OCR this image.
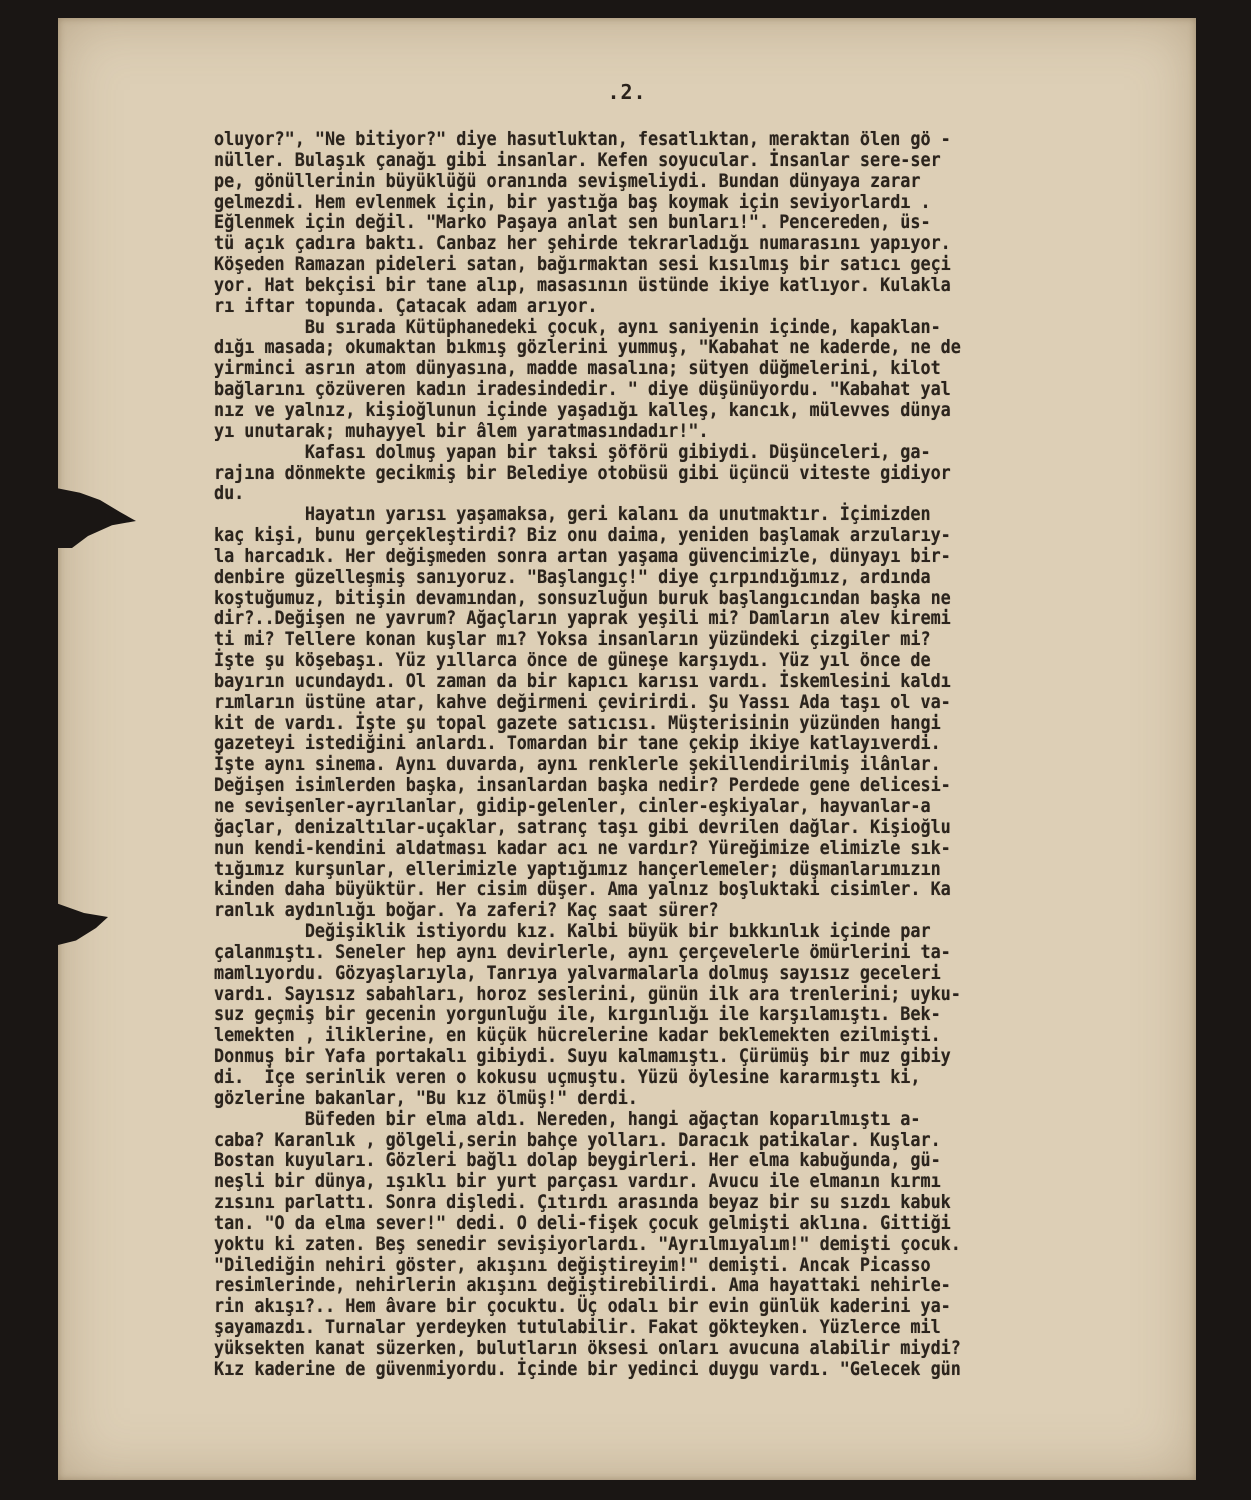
.2.
oluyor?", "Ne bitiyor?" diye hasutluktan, fesatlıktan, meraktan ölen gö -
nüller. Bulaşık çanağı gibi insanlar. Kefen soyucular. İnsanlar sere-ser
pe, gönüllerinin büyüklüğü oranında sevişmeliydi. Bundan dünyaya zarar
gelmezdi. Hem evlenmek için, bir yastığa baş koymak için seviyorlardı .
Eğlenmek için değil. "Marko Paşaya anlat sen bunları!". Pencereden, üs-
tü açık çadıra baktı. Canbaz her şehirde tekrarladığı numarasını yapıyor.
Köşeden Ramazan pideleri satan, bağırmaktan sesi kısılmış bir satıcı geçi
yor. Hat bekçisi bir tane alıp, masasının üstünde ikiye katlıyor. Kulakla
rı iftar topunda. Çatacak adam arıyor.
Bu sırada Kütüphanedeki çocuk, aynı saniyenin içinde, kapaklan-
dığı masada; okumaktan bıkmış gözlerini yummuş, "Kabahat ne kaderde, ne de
yirminci asrın atom dünyasına, madde masalına; sütyen düğmelerini, kilot
bağlarını çözüveren kadın iradesindedir. " diye düşünüyordu. "Kabahat yal
nız ve yalnız, kişioğlunun içinde yaşadığı kalleş, kancık, mülevves dünya
yı unutarak; muhayyel bir âlem yaratmasındadır!".
Kafası dolmuş yapan bir taksi şöförü gibiydi. Düşünceleri, ga-
rajına dönmekte gecikmiş bir Belediye otobüsü gibi üçüncü viteste gidiyor
du.
Hayatın yarısı yaşamaksa, geri kalanı da unutmaktır. İçimizden
kaç kişi, bunu gerçekleştirdi? Biz onu daima, yeniden başlamak arzularıy-
la harcadık. Her değişmeden sonra artan yaşama güvencimizle, dünyayı bir-
denbire güzelleşmiş sanıyoruz. "Başlangıç!" diye çırpındığımız, ardında
koştuğumuz, bitişin devamından, sonsuzluğun buruk başlangıcından başka ne
dir?..Değişen ne yavrum? Ağaçların yaprak yeşili mi? Damların alev kiremi
ti mi? Tellere konan kuşlar mı? Yoksa insanların yüzündeki çizgiler mi?
İşte şu köşebaşı. Yüz yıllarca önce de güneşe karşıydı. Yüz yıl önce de
bayırın ucundaydı. Ol zaman da bir kapıcı karısı vardı. İskemlesini kaldı
rımların üstüne atar, kahve değirmeni çevirirdi. Şu Yassı Ada taşı ol va-
kit de vardı. İşte şu topal gazete satıcısı. Müşterisinin yüzünden hangi
gazeteyi istediğini anlardı. Tomardan bir tane çekip ikiye katlayıverdi.
İşte aynı sinema. Aynı duvarda, aynı renklerle şekillendirilmiş ilânlar.
Değişen isimlerden başka, insanlardan başka nedir? Perdede gene delicesi-
ne sevişenler-ayrılanlar, gidip-gelenler, cinler-eşkiyalar, hayvanlar-a
ğaçlar, denizaltılar-uçaklar, satranç taşı gibi devrilen dağlar. Kişioğlu
nun kendi-kendini aldatması kadar acı ne vardır? Yüreğimize elimizle sık-
tığımız kurşunlar, ellerimizle yaptığımız hançerlemeler; düşmanlarımızın
kinden daha büyüktür. Her cisim düşer. Ama yalnız boşluktaki cisimler. Ka
ranlık aydınlığı boğar. Ya zaferi? Kaç saat sürer?
Değişiklik istiyordu kız. Kalbi büyük bir bıkkınlık içinde par
çalanmıştı. Seneler hep aynı devirlerle, aynı çerçevelerle ömürlerini ta-
mamlıyordu. Gözyaşlarıyla, Tanrıya yalvarmalarla dolmuş sayısız geceleri
vardı. Sayısız sabahları, horoz seslerini, günün ilk ara trenlerini; uyku-
suz geçmiş bir gecenin yorgunluğu ile, kırgınlığı ile karşılamıştı. Bek-
lemekten , iliklerine, en küçük hücrelerine kadar beklemekten ezilmişti.
Donmuş bir Yafa portakalı gibiydi. Suyu kalmamıştı. Çürümüş bir muz gibiy
di.  İçe serinlik veren o kokusu uçmuştu. Yüzü öylesine kararmıştı ki,
gözlerine bakanlar, "Bu kız ölmüş!" derdi.
Büfeden bir elma aldı. Nereden, hangi ağaçtan koparılmıştı a-
caba? Karanlık , gölgeli,serin bahçe yolları. Daracık patikalar. Kuşlar.
Bostan kuyuları. Gözleri bağlı dolap beygirleri. Her elma kabuğunda, gü-
neşli bir dünya, ışıklı bir yurt parçası vardır. Avucu ile elmanın kırmı
zısını parlattı. Sonra dişledi. Çıtırdı arasında beyaz bir su sızdı kabuk
tan. "O da elma sever!" dedi. O deli-fişek çocuk gelmişti aklına. Gittiği
yoktu ki zaten. Beş senedir sevişiyorlardı. "Ayrılmıyalım!" demişti çocuk.
"Dilediğin nehiri göster, akışını değiştireyim!" demişti. Ancak Picasso
resimlerinde, nehirlerin akışını değiştirebilirdi. Ama hayattaki nehirle-
rin akışı?.. Hem âvare bir çocuktu. Üç odalı bir evin günlük kaderini ya-
şayamazdı. Turnalar yerdeyken tutulabilir. Fakat gökteyken. Yüzlerce mil
yüksekten kanat süzerken, bulutların öksesi onları avucuna alabilir miydi?
Kız kaderine de güvenmiyordu. İçinde bir yedinci duygu vardı. "Gelecek gün
